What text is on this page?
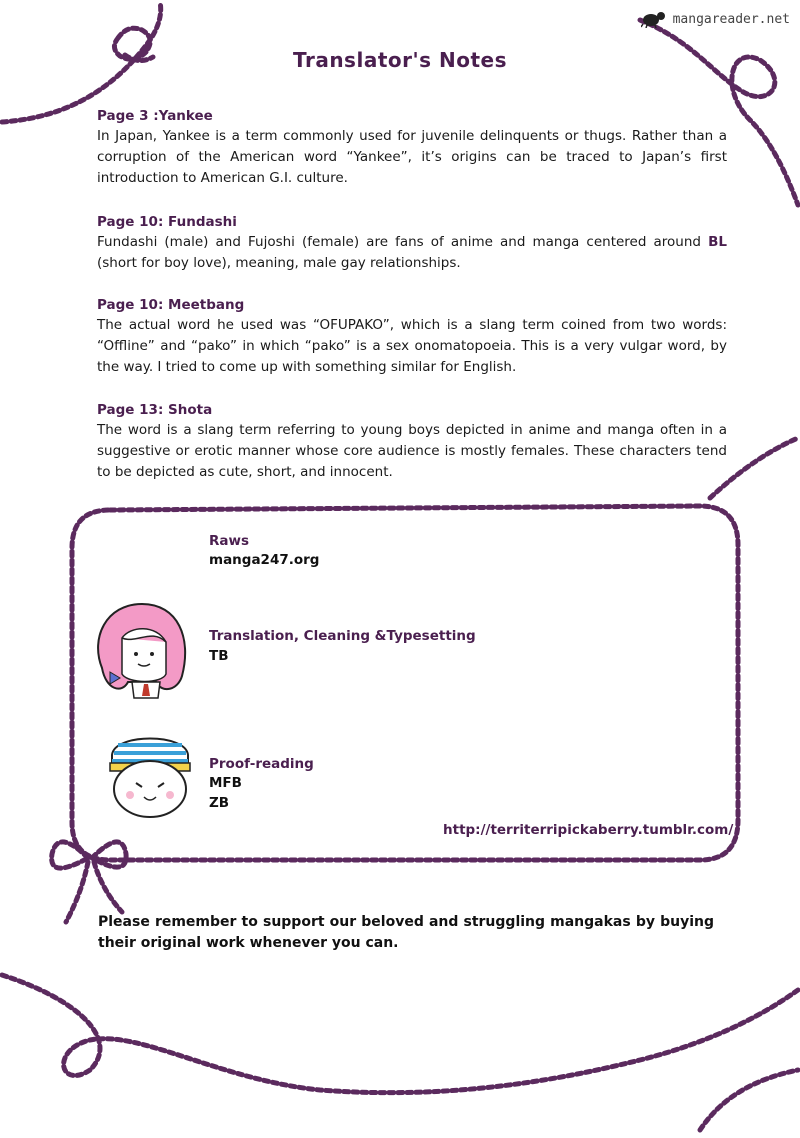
mangareader.net
Translator's Notes
Page 3 :Yankee
In Japan, Yankee is a term commonly used for juvenile delinquents or thugs. Rather than a corruption of the American word “Yankee”, it’s origins can be traced to Japan’s first introduction to American G.I. culture.
Page 10: Fundashi
Fundashi (male) and Fujoshi (female) are fans of anime and manga centered around BL (short for boy love), meaning, male gay relationships.
Page 10: Meetbang
The actual word he used was “OFUPAKO”, which is a slang term coined from two words: “Offline” and “pako” in which “pako” is a sex onomatopoeia. This is a very vulgar word, by the way. I tried to come up with something similar for English.
Page 13: Shota
The word is a slang term referring to young boys depicted in anime and manga often in a suggestive or erotic manner whose core audience is mostly females. These characters tend to be depicted as cute, short, and innocent.
Raws
manga247.org
Translation, Cleaning &Typesetting
TB
Proof-reading
MFB
ZB
http://territerripickaberry.tumblr.com/
Please remember to support our beloved and struggling mangakas by buying their original work whenever you can.
